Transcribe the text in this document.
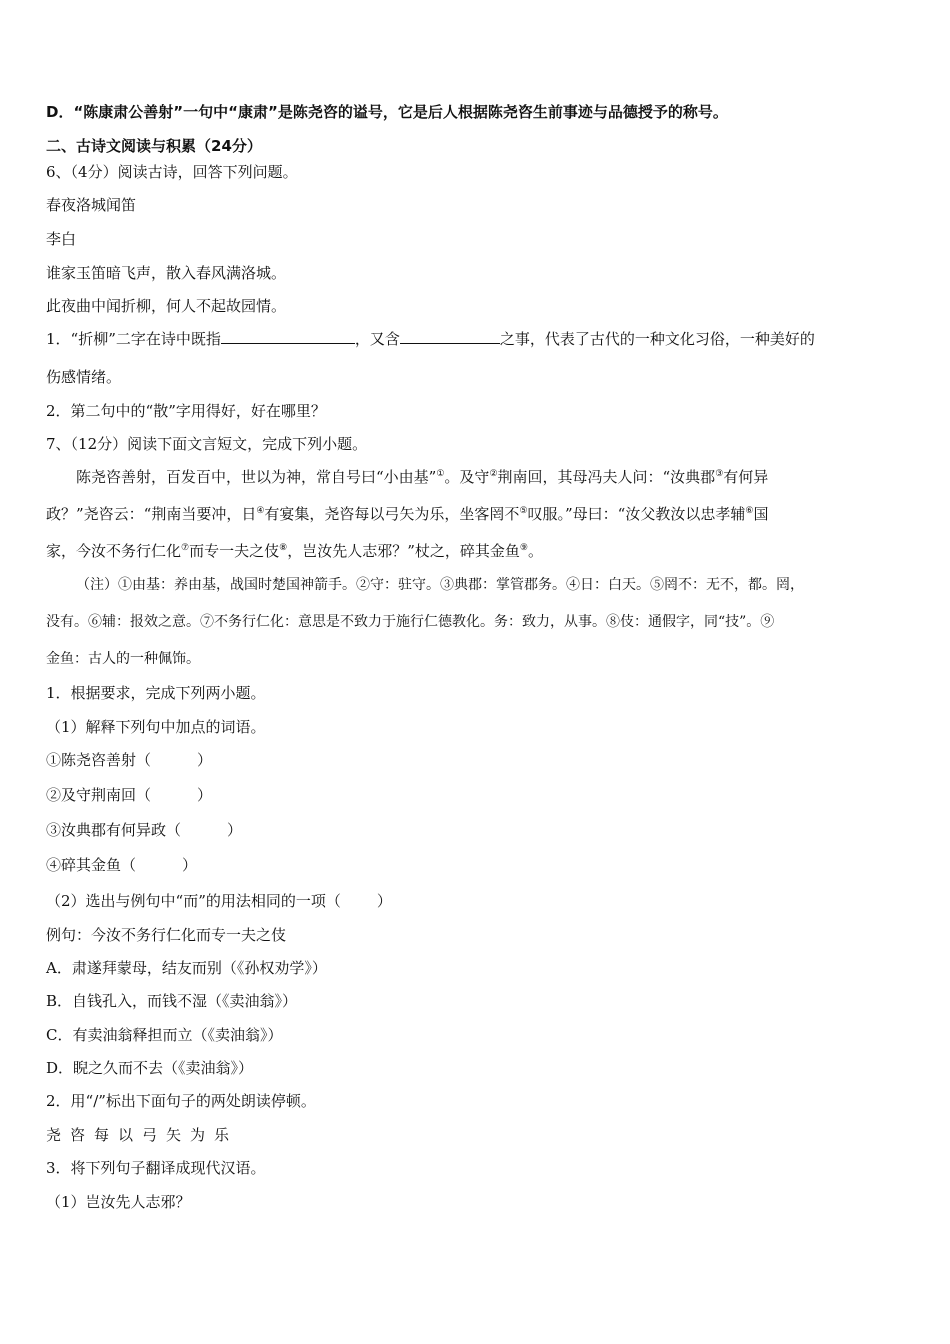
D．“陈康肃公善射”一句中“康肃”是陈尧咨的谥号，它是后人根据陈尧咨生前事迹与品德授予的称号。
二、古诗文阅读与积累（24分）
6、（4分）阅读古诗，回答下列问题。
春夜洛城闻笛
李白
谁家玉笛暗飞声，散入春风满洛城。
此夜曲中闻折柳，何人不起故园情。
1．“折柳”二字在诗中既指	，又含	之事，代表了古代的一种文化习俗，一种美好的
伤感情绪。
2．第二句中的“散”字用得好，好在哪里？
7、（12分）阅读下面文言短文，完成下列小题。
陈尧咨善射，百发百中，世以为神，常自号曰“小由基”①。及守②荆南回，其母冯夫人问：“汝典郡③有何异
政？”尧咨云：“荆南当要冲，日④有宴集，尧咨每以弓矢为乐，坐客罔不⑤叹服。”母曰：“汝父教汝以忠孝辅⑥国
家，今汝不务行仁化⑦而专一夫之伎⑧，岂汝先人志邪？”杖之，碎其金鱼⑨。
（注）①由基：养由基，战国时楚国神箭手。②守：驻守。③典郡：掌管郡务。④日：白天。⑤罔不：无不，都。罔，
没有。⑥辅：报效之意。⑦不务行仁化：意思是不致力于施行仁德教化。务：致力，从事。⑧伎：通假字，同“技”。⑨
金鱼：古人的一种佩饰。
1．根据要求，完成下列两小题。
（1）解释下列句中加点的词语。
①陈尧咨善射（	）
②及守荆南回（	）
③汝典郡有何异政（	）
④碎其金鱼（	）
（2）选出与例句中“而”的用法相同的一项（ ）
例句：今汝不务行仁化而专一夫之伎
A．肃遂拜蒙母，结友而别（《孙权劝学》）
B．自钱孔入，而钱不湿（《卖油翁》）
C．有卖油翁释担而立（《卖油翁》）
D．睨之久而不去（《卖油翁》）
2．用“/”标出下面句子的两处朗读停顿。
尧咨每以弓矢为乐
3．将下列句子翻译成现代汉语。
（1）岂汝先人志邪？
